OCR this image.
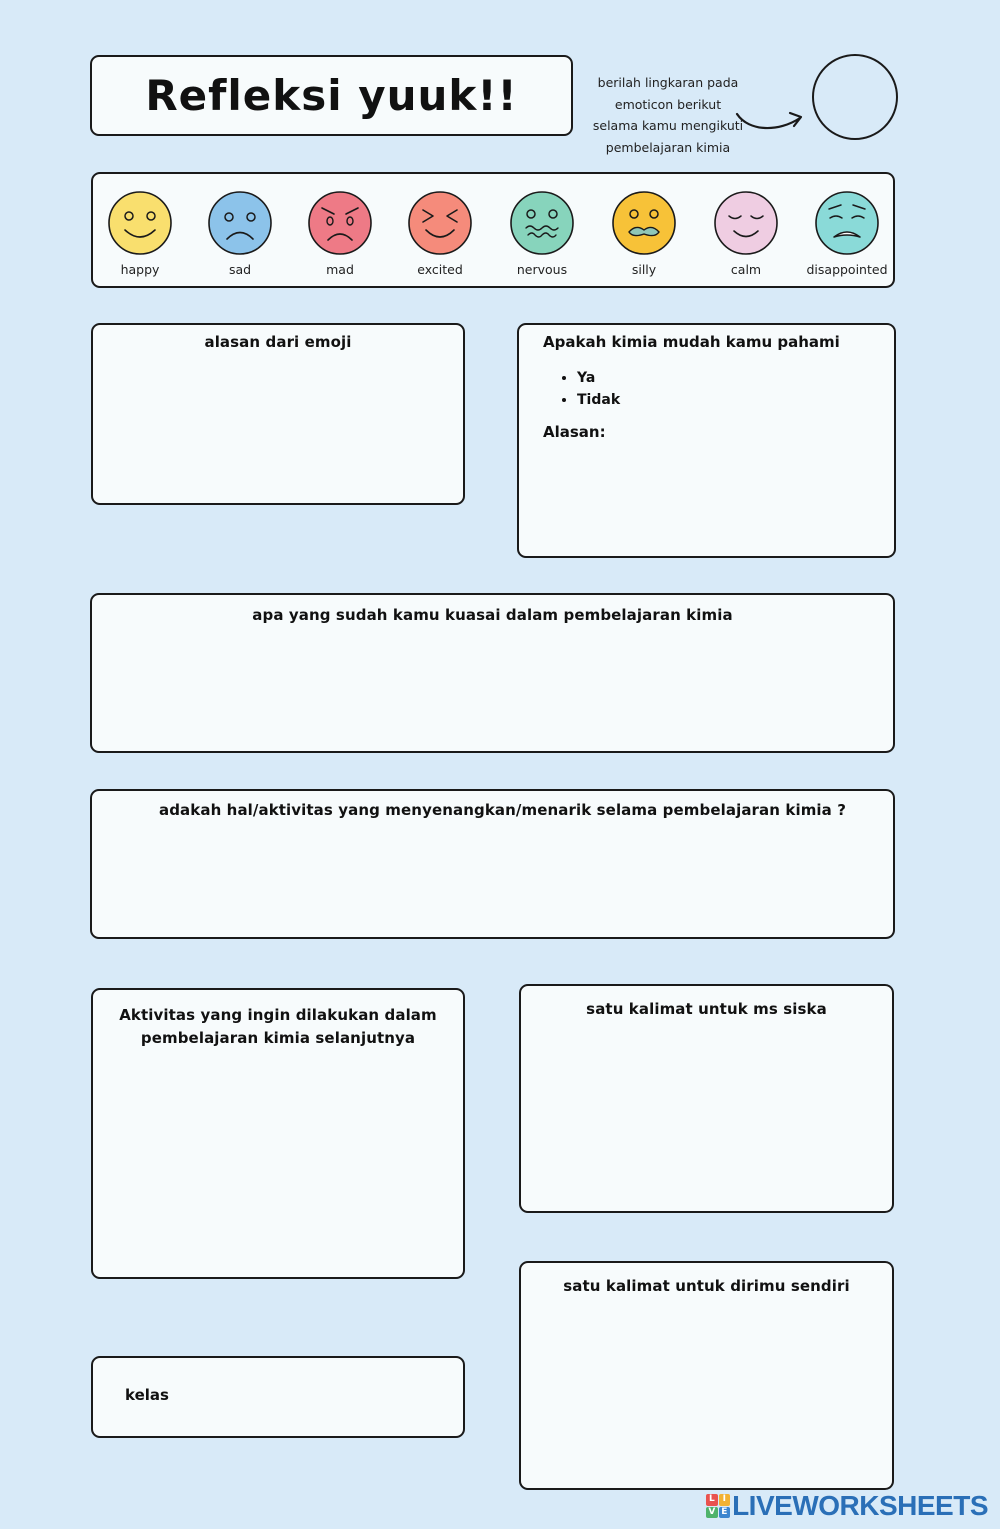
Refleksi yuuk!!	berilah lingkaran pada
emoticon berikut
selama kamu mengikuti
pembelajaran kimia
happy	sad	mad	excited	nervous	silly	calm	disappointed
alasan dari emoji	Apakah kimia mudah kamu pahami
• Ya
• Tidak
Alasan:
apa yang sudah kamu kuasai dalam pembelajaran kimia
adakah hal/aktivitas yang menyenangkan/menarik selama pembelajaran kimia ?
Aktivitas yang ingin dilakukan dalam
pembelajaran kimia selanjutnya
satu kalimat untuk ms siska
satu kalimat untuk dirimu sendiri
kelas
L I
V E LIVEWORKSHEETS
